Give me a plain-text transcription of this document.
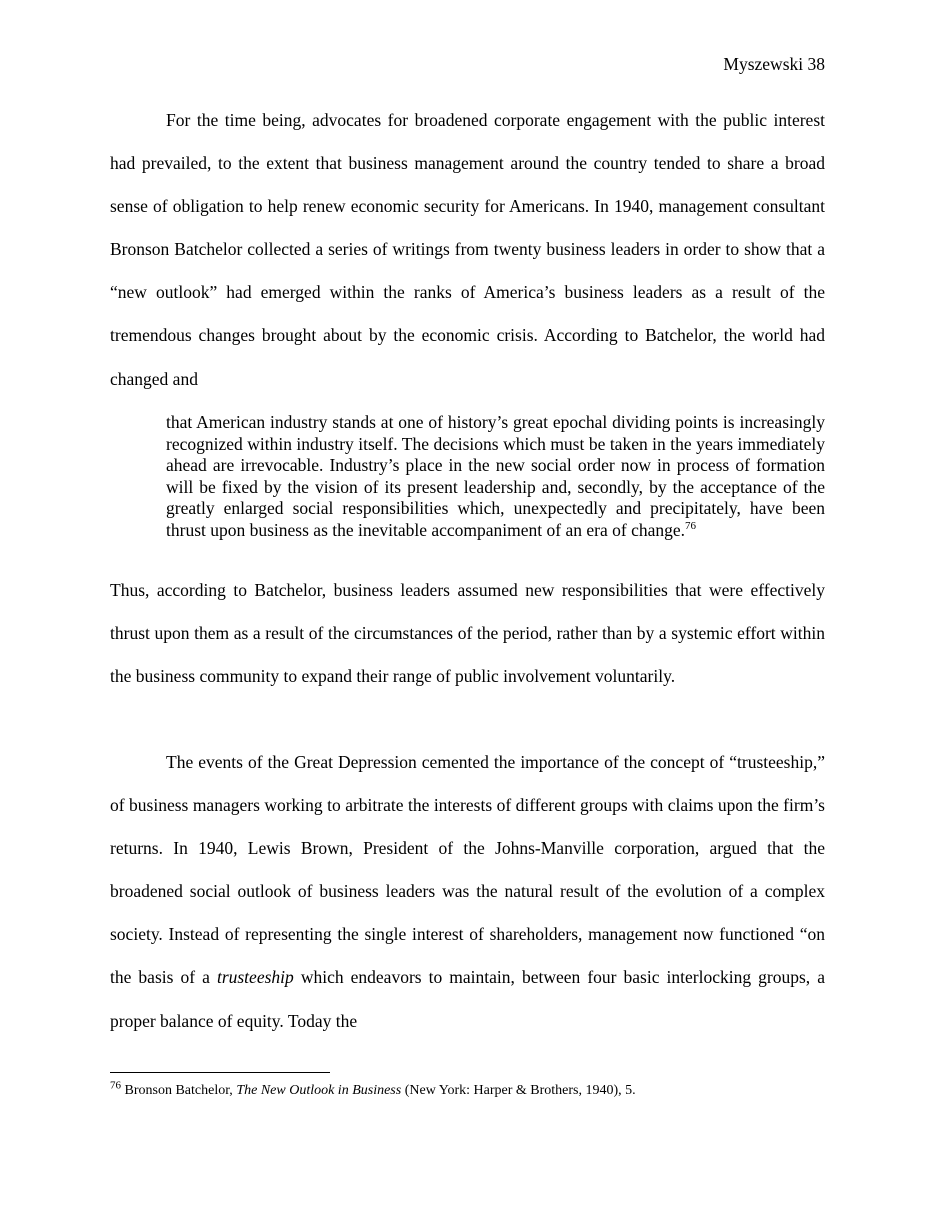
Myszewski 38
For the time being, advocates for broadened corporate engagement with the public interest had prevailed, to the extent that business management around the country tended to share a broad sense of obligation to help renew economic security for Americans. In 1940, management consultant Bronson Batchelor collected a series of writings from twenty business leaders in order to show that a “new outlook” had emerged within the ranks of America’s business leaders as a result of the tremendous changes brought about by the economic crisis. According to Batchelor, the world had changed and
that American industry stands at one of history’s great epochal dividing points is increasingly recognized within industry itself. The decisions which must be taken in the years immediately ahead are irrevocable. Industry’s place in the new social order now in process of formation will be fixed by the vision of its present leadership and, secondly, by the acceptance of the greatly enlarged social responsibilities which, unexpectedly and precipitately, have been thrust upon business as the inevitable accompaniment of an era of change.$^{76}$
Thus, according to Batchelor, business leaders assumed new responsibilities that were effectively thrust upon them as a result of the circumstances of the period, rather than by a systemic effort within the business community to expand their range of public involvement voluntarily.
The events of the Great Depression cemented the importance of the concept of “trusteeship,” of business managers working to arbitrate the interests of different groups with claims upon the firm’s returns. In 1940, Lewis Brown, President of the Johns-Manville corporation, argued that the broadened social outlook of business leaders was the natural result of the evolution of a complex society. Instead of representing the single interest of shareholders, management now functioned “on the basis of a trusteeship which endeavors to maintain, between four basic interlocking groups, a proper balance of equity. Today the
$^{76}$ Bronson Batchelor, The New Outlook in Business (New York: Harper & Brothers, 1940), 5.
